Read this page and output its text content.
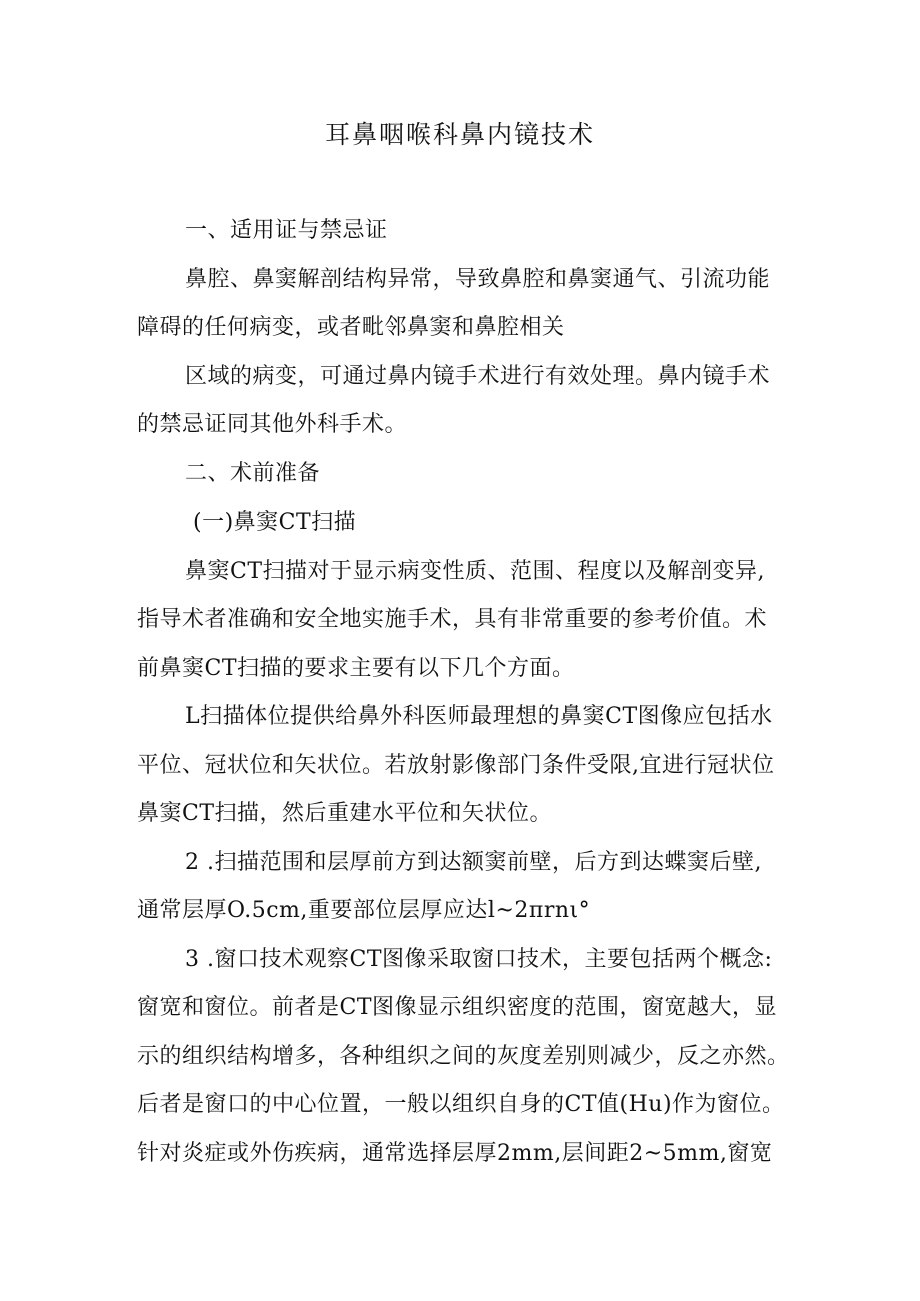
耳鼻咽喉科鼻内镜技术
一、适用证与禁忌证
鼻腔、鼻窦解剖结构异常，导致鼻腔和鼻窦通气、引流功能
障碍的任何病变，或者毗邻鼻窦和鼻腔相关
区域的病变，可通过鼻内镜手术进行有效处理。鼻内镜手术
的禁忌证同其他外科手术。
二、术前准备
(一)鼻窦CT扫描
鼻窦CT扫描对于显示病变性质、范围、程度以及解剖变异,
指导术者准确和安全地实施手术，具有非常重要的参考价值。术
前鼻窦CT扫描的要求主要有以下几个方面。
L扫描体位提供给鼻外科医师最理想的鼻窦CT图像应包括水
平位、冠状位和矢状位。若放射影像部门条件受限,宜进行冠状位
鼻窦CT扫描，然后重建水平位和矢状位。
2 .扫描范围和层厚前方到达额窦前壁，后方到达蝶窦后壁,
通常层厚O.5cm,重要部位层厚应达l~2πrnι°
3 .窗口技术观察CT图像采取窗口技术，主要包括两个概念:
窗宽和窗位。前者是CT图像显示组织密度的范围，窗宽越大，显
示的组织结构增多，各种组织之间的灰度差别则减少，反之亦然。
后者是窗口的中心位置，一般以组织自身的CT值(Hu)作为窗位。
针对炎症或外伤疾病，通常选择层厚2mm,层间距2~5mm,窗宽
